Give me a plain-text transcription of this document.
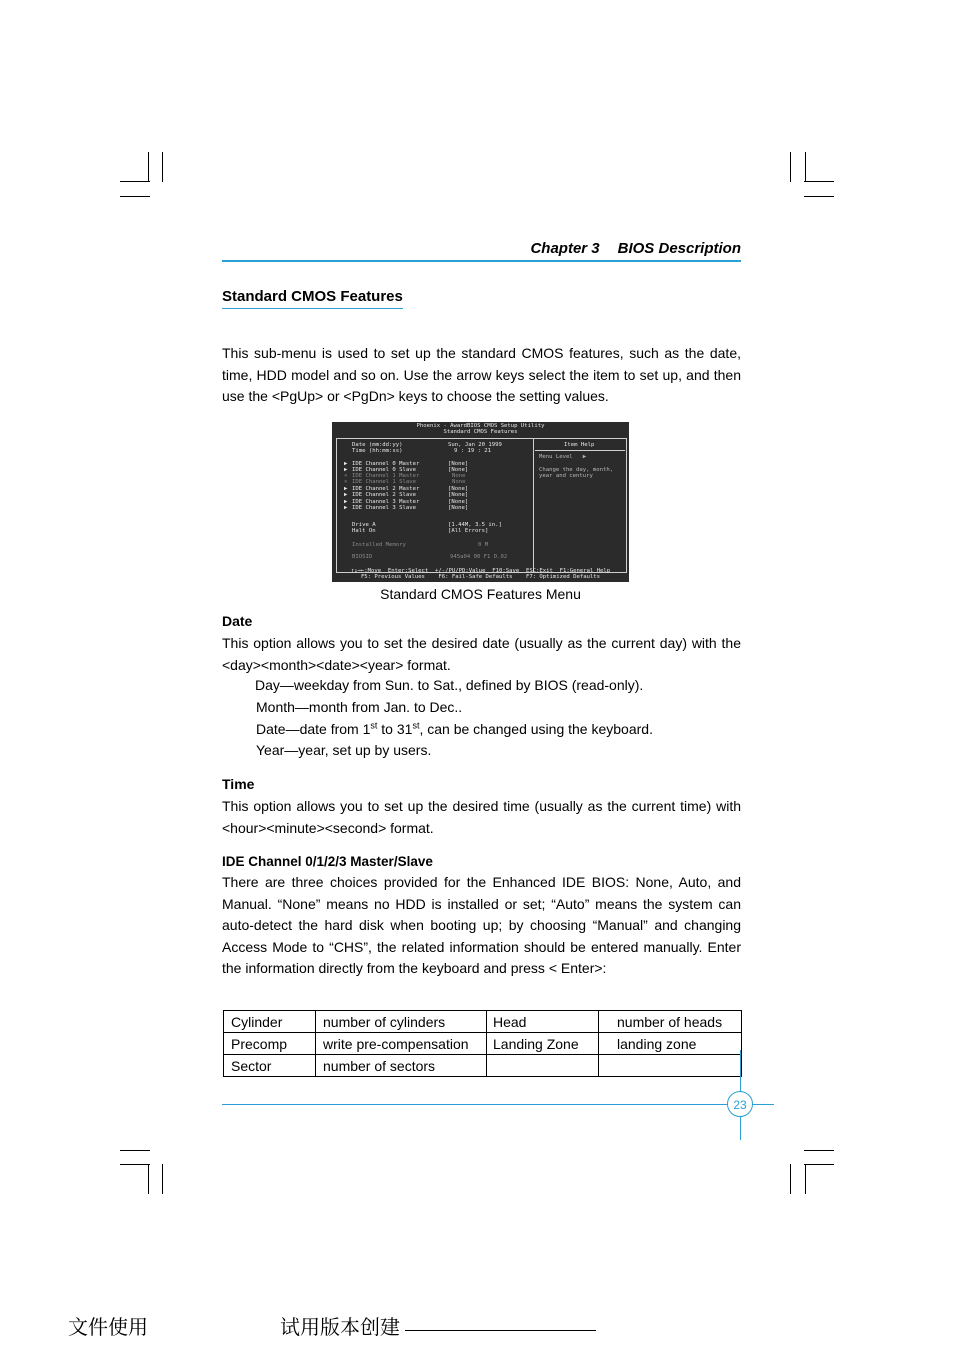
Chapter 3 BIOS Description
Standard CMOS Features
This sub-menu is used to set up the standard CMOS features, such as the date, time, HDD model and so on. Use the arrow keys select the item to set up, and then use the <PgUp> or <PgDn> keys to choose the setting values.
Phoenix - AwardBIOS CMOS Setup Utility
Standard CMOS Features
Date (mm:dd:yy)	Sun, Jan 20 1999
Time (hh:mm:ss)	9 : 19 : 21
▶ IDE Channel 0 Master	[None]
▶ IDE Channel 0 Slave	[None]
× IDE Channel 1 Master	None
× IDE Channel 1 Slave	None
▶ IDE Channel 2 Master	[None]
▶ IDE Channel 2 Slave	[None]
▶ IDE Channel 3 Master	[None]
▶ IDE Channel 3 Slave	[None]
Drive A	[1.44M, 3.5 in.]
Halt On	[All Errors]
Installed Memory	0 M
BIOSID	945a04 00 F1 D.02
Item Help
Menu Level   ▶
Change the day, month,
year and century
↑↓→←:Move  Enter:Select  +/-/PU/PD:Value  F10:Save  ESC:Exit  F1:General Help
F5: Previous Values    F6: Fail-Safe Defaults    F7: Optimized Defaults
Standard CMOS Features Menu
Date
This option allows you to set the desired date (usually as the current day) with the <day><month><date><year> format.
Day—weekday from Sun. to Sat., defined by BIOS (read-only).
Month—month from Jan. to Dec..
Date—date from 1st to 31st, can be changed using the keyboard.
Year—year, set up by users.
Time
This option allows you to set up the desired time (usually as the current time) with <hour><minute><second> format.
IDE Channel 0/1/2/3 Master/Slave
There are three choices provided for the Enhanced IDE BIOS: None, Auto, and Manual. “None” means no HDD is installed or set; “Auto” means the system can auto-detect the hard disk when booting up; by choosing “Manual” and changing Access Mode to “CHS”, the related information should be entered manually. Enter the information directly from the keyboard and press < Enter>:
Cylinder	number of cylinders	Head	number of heads
Precomp	write pre-compensation	Landing Zone	landing zone
Sector	number of sectors		
23
文件使用	试用版本创建
